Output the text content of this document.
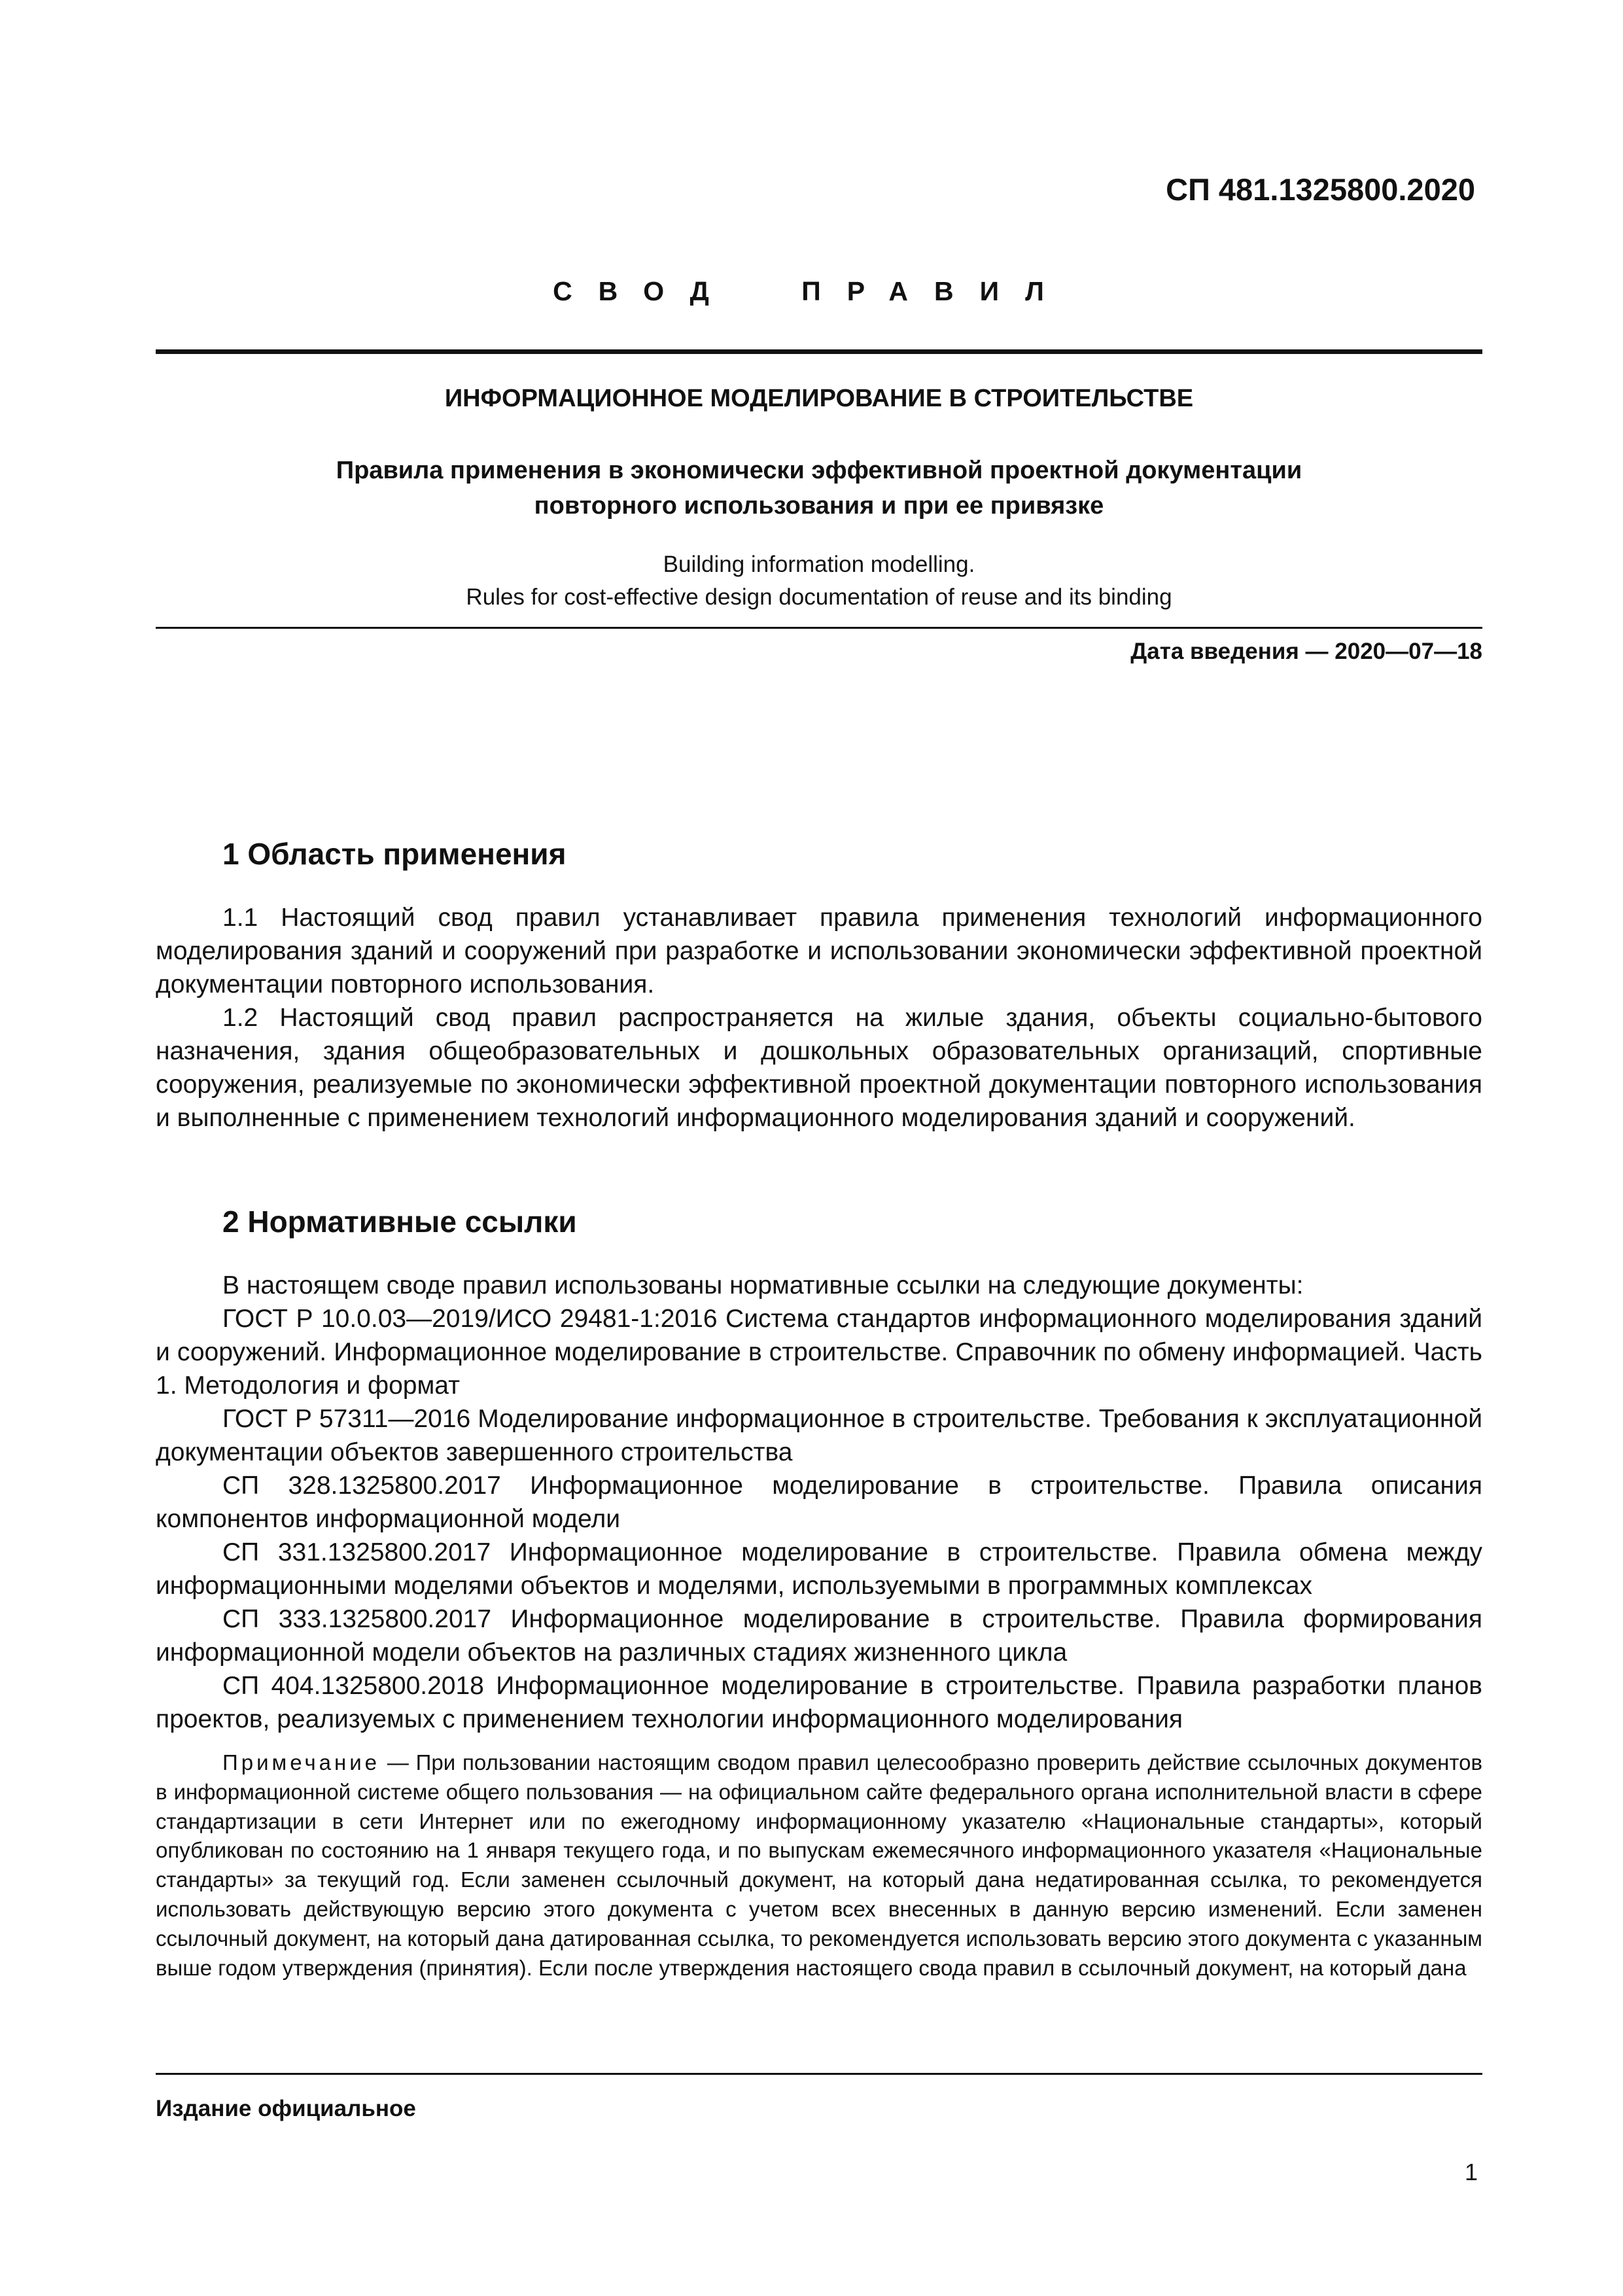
СП 481.1325800.2020
СВОД ПРАВИЛ
ИНФОРМАЦИОННОЕ МОДЕЛИРОВАНИЕ В СТРОИТЕЛЬСТВЕ
Правила применения в экономически эффективной проектной документации
повторного использования и при ее привязке
Building information modelling.
Rules for cost-effective design documentation of reuse and its binding
Дата введения — 2020—07—18
1 Область применения

1.1 Настоящий свод правил устанавливает правила применения технологий информационного моделирования зданий и сооружений при разработке и использовании экономически эффективной проектной документации повторного использования.

1.2 Настоящий свод правил распространяется на жилые здания, объекты социально-бытового назначения, здания общеобразовательных и дошкольных образовательных организаций, спортивные сооружения, реализуемые по экономически эффективной проектной документации повторного использования и выполненные с применением технологий информационного моделирования зданий и сооружений.

2 Нормативные ссылки

В настоящем своде правил использованы нормативные ссылки на следующие документы:

ГОСТ Р 10.0.03—2019/ИСО 29481-1:2016 Система стандартов информационного моделирования зданий и сооружений. Информационное моделирование в строительстве. Справочник по обмену информацией. Часть 1. Методология и формат

ГОСТ Р 57311—2016 Моделирование информационное в строительстве. Требования к эксплуатационной документации объектов завершенного строительства

СП 328.1325800.2017 Информационное моделирование в строительстве. Правила описания компонентов информационной модели

СП 331.1325800.2017 Информационное моделирование в строительстве. Правила обмена между информационными моделями объектов и моделями, используемыми в программных комплексах

СП 333.1325800.2017 Информационное моделирование в строительстве. Правила формирования информационной модели объектов на различных стадиях жизненного цикла

СП 404.1325800.2018 Информационное моделирование в строительстве. Правила разработки планов проектов, реализуемых с применением технологии информационного моделирования

Примечание — При пользовании настоящим сводом правил целесообразно проверить действие ссылочных документов в информационной системе общего пользования — на официальном сайте федерального органа исполнительной власти в сфере стандартизации в сети Интернет или по ежегодному информационному указателю «Национальные стандарты», который опубликован по состоянию на 1 января текущего года, и по выпускам ежемесячного информационного указателя «Национальные стандарты» за текущий год. Если заменен ссылочный документ, на который дана недатированная ссылка, то рекомендуется использовать действующую версию этого документа с учетом всех внесенных в данную версию изменений. Если заменен ссылочный документ, на который дана датированная ссылка, то рекомендуется использовать версию этого документа с указанным выше годом утверждения (принятия). Если после утверждения настоящего свода правил в ссылочный документ, на который дана

Издание официальное
1
